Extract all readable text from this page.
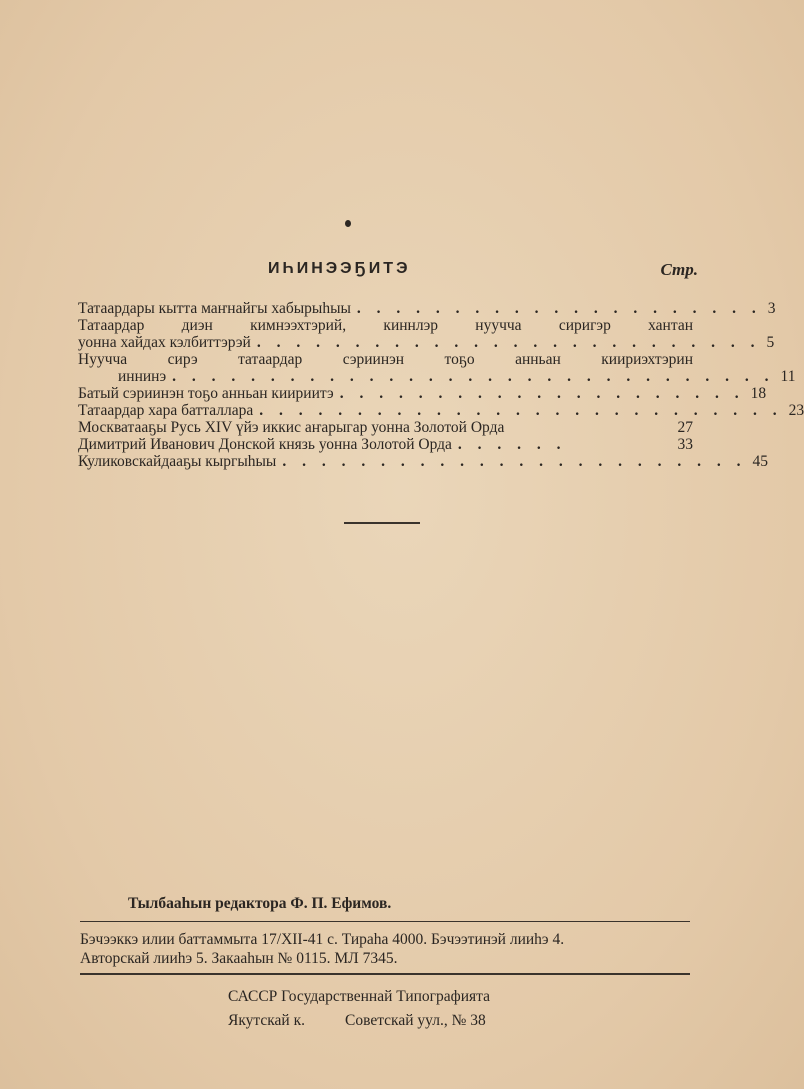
ИҺИНЭЭҔИТЭ	Стр.
Татаардары кытта маҥнайгы хабырыһыы . . . . . . . . . . . . . . . . . . . . . 3
Татаардар диэн кимнээхтэрий, киннлэр нуучча сиригэр хантан
уонна хайдах кэлбиттэрэй . . . . . . . . . . . . . . . . . . . . . . . . . . 5
Нуучча сирэ татаардар сэриинэн тоҕо анньан киириэхтэрин
иннинэ . . . . . . . . . . . . . . . . . . . . . . . . . . . . . . . 11
Батый сэриинэн тоҕо анньан киириитэ . . . . . . . . . . . . . . . . . . . . . 18
Татаардар хара батталлара . . . . . . . . . . . . . . . . . . . . . . . . . . . 23
Москватааҕы Русь XIV үйэ иккис аҥарыгар уонна Золотой Орда	27
Димитрий Иванович Донской князь уонна Золотой Орда . . . . . .	33
Куликовскайдааҕы кыргыһыы . . . . . . . . . . . . . . . . . . . . . . . . 45
Тылбааһын редактора Ф. П. Ефимов.
Бэчээккэ илии баттаммыта 17/XII-41 с. Тираһа 4000. Бэчээтинэй лииһэ 4.
Авторскай лииһэ 5. Закааһын № 0115. МЛ 7345.
САССР Государственнай Типографията
Якутскай к.	Советскай уул., № 38
